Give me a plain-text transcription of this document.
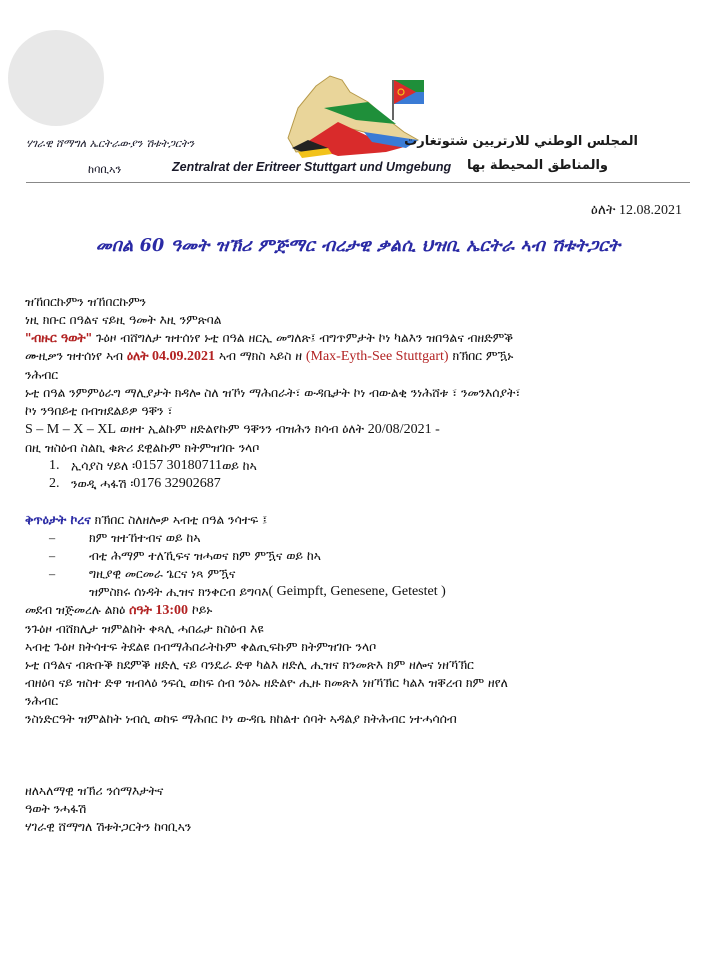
ሃገራዊ ሸማግለ ኤርትራውያን ሽቱትጋርትን
ከባቢኣን	Zentralrat der Eritreer Stuttgart und Umgebung
المجلس الوطني للارتريين شتوتغارت
والمناطق المحيطة بها
ዕለት 12.08.2021
መበል 60 ዓመት ዝኽሪ ምጅማር ብረታዊ ቃልሲ ህዝቢ ኤርትራ ኣብ ሽቱትጋርት
ዝኸበርኩምን ዝኸበርኩምን
ነዚ ክቡር በዓልና ናይዚ ዓመት እዚ ንምጽባል
"ብዙር ዓወት" ጉዕዞ ብሸግለታ ዝተሰነየ ኑቲ በዓል ዘርኢ መግለጽ፤ ብግጥምታት ኮነ ካልእን ዝበዓልና ብዘድምቕ
ሙዚቃን ዝተሰነየ ኣብ ዕለት 04.09.2021 ኣብ ማክስ ኣይስ ዘ (Max-Eyth-See Stuttgart) ክኽበር ምዃኑ
ንሕብር
ኑቲ በዓል ንምምዕራግ ማሊያታት ክዳሎ ስለ ዝኾነ ማሕበራት፣ ውዳቤታት ኮነ ብውልቂ ንነሕሸቱ ፣ ንመንእሰያት፣
ኮነ ንዓበይቲ በብዝደልይዎ ዓቐን ፣
S – M – X – XL ወዘተ ኢልኩም ዘድልየኩም ዓቐንን ብዝሕን ክሳብ ዕለት 20/08/2021 -
በዚ ዝስዕብ ስልኪ ቁጽሪ ደዊልኩም ክትምዝገቡ ንላቦ
1. ኢሳያስ ሃይለ ፡ 0157 30180711 ወይ ከኣ
2. ንወዲ ሓፋሽ ፡ 0176 32902687
ቅጥዕታት ኮረና ክኽበር ስለዘሎዎ ኣብቲ በዓል ንሳተፍ ፤
–	ክም ዝተኸተብና ወይ ከኣ
–	ብቲ ሕማም ተለኺፍና ዝሓወና ክም ምዃና ወይ ከኣ
–	ግዚያዊ መርመራ ጌርና ነጻ ምዃና
ዝምስክሩ ሰነዳት ሒዝና ክንቀርብ ይግባእ ( Geimpft, Genesene, Getestet )
መደብ ዝጅመረሉ ልክዕ ሰዓት 13:00 ኮይኑ
ንጉዕዞ ብሸክሊታ ዝምልከት ቀጻሊ ሓበሬታ ክስዕብ እዩ
ኣብቲ ጉዕዞ ክትሳተፍ ትደልዩ በብማሕበራትኩም ቀልጢፍኩም ክትምዝገቡ ንላቦ
ኑቲ በዓልና ብጽቡቕ ክደምቕ ዘድሊ ናይ ባንዴራ ድዋ ካልእ ዘድሊ ሒዝና ክንመጽእ ክም ዘሎና ነዘኻኽር
ብዘዕባ ናይ ዝስተ ድዋ ዝብላዕ ንፍሲ ወከፍ ሰብ ንዕኡ ዘድልዮ ሒዙ ክመጽእ ነዘኻኽር ካልእ ዝቐረብ ክም ዘየለ
ንሕብር
ንስነድርዓት ዝምልከት ነብሲ ወከፍ ማሕበር ኮነ ውዳቤ ክከልተ ሰባት ኣዳልያ ክትሕብር ነተሓሳሰብ
ዘለኣለማዊ ዝኽሪ ንሰማእታትና
ዓወት ንሓፋሽ
ሃገራዊ ሸማግለ ሽቱትጋርትን ከባቢኣን
